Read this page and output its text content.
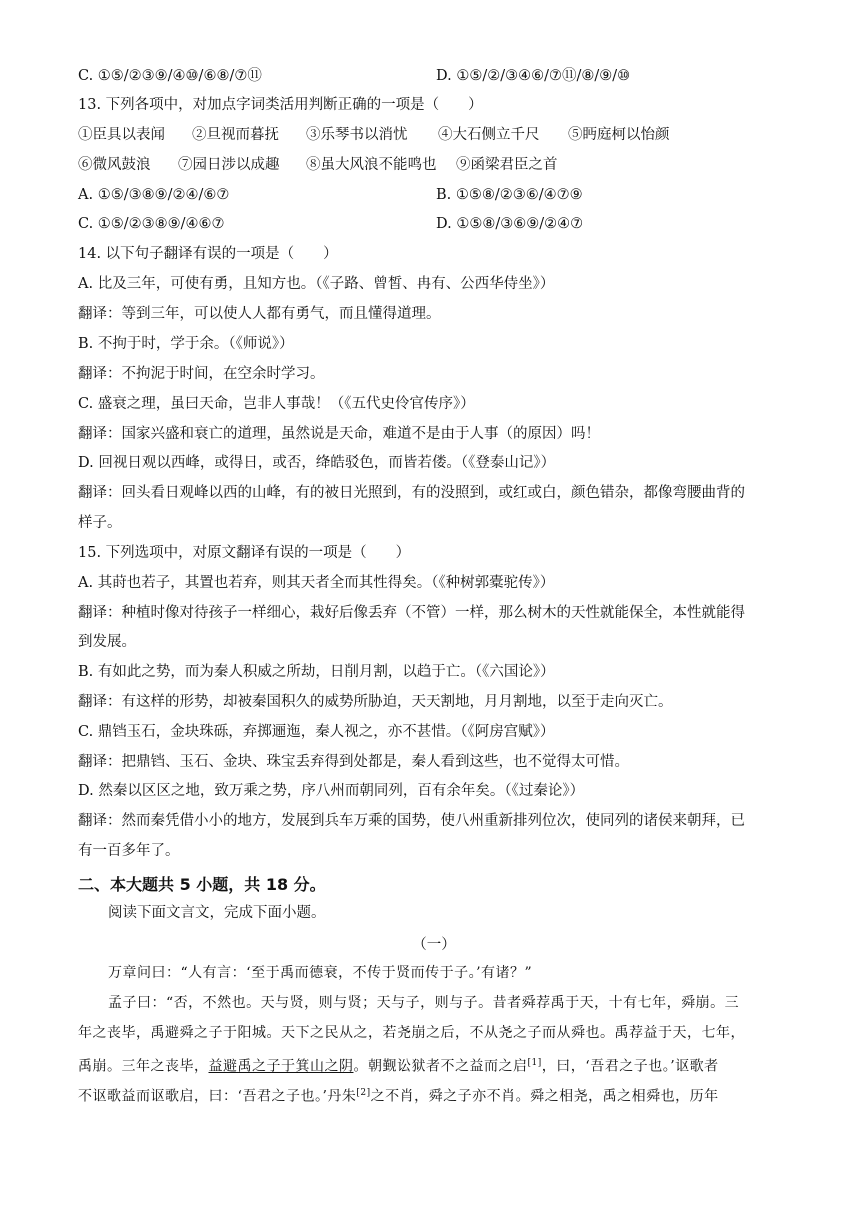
C. ①⑤/②③⑨/④⑩/⑥⑧/⑦⑪	D. ①⑤/②/③④⑥/⑦⑪/⑧/⑨/⑩
13. 下列各项中，对加点字词类活用判断正确的一项是（　　）
①臣具以表闻 ②旦视而暮抚 ③乐琴书以消忧 ④大石侧立千尺 ⑤眄庭柯以怡颜
⑥微风鼓浪 ⑦园日涉以成趣 ⑧虽大风浪不能鸣也 ⑨函梁君臣之首
A. ①⑤/③⑧⑨/②④/⑥⑦	B. ①⑤⑧/②③⑥/④⑦⑨
C. ①⑤/②③⑧⑨/④⑥⑦	D. ①⑤⑧/③⑥⑨/②④⑦
14. 以下句子翻译有误的一项是（　　）
A. 比及三年，可使有勇，且知方也。（《子路、曾皙、冉有、公西华侍坐》）
翻译：等到三年，可以使人人都有勇气，而且懂得道理。
B. 不拘于时，学于余。（《师说》）
翻译：不拘泥于时间，在空余时学习。
C. 盛衰之理，虽曰天命，岂非人事哉！（《五代史伶官传序》）
翻译：国家兴盛和衰亡的道理，虽然说是天命，难道不是由于人事（的原因）吗！
D. 回视日观以西峰，或得日，或否，绛皓驳色，而皆若偻。（《登泰山记》）
翻译：回头看日观峰以西的山峰，有的被日光照到，有的没照到，或红或白，颜色错杂，都像弯腰曲背的
样子。
15. 下列选项中，对原文翻译有误的一项是（　　）
A. 其莳也若子，其置也若弃，则其天者全而其性得矣。（《种树郭橐驼传》）
翻译：种植时像对待孩子一样细心，栽好后像丢弃（不管）一样，那么树木的天性就能保全，本性就能得
到发展。
B. 有如此之势，而为秦人积威之所劫，日削月割，以趋于亡。（《六国论》）
翻译：有这样的形势，却被秦国积久的威势所胁迫，天天割地，月月割地，以至于走向灭亡。
C. 鼎铛玉石，金块珠砾，弃掷逦迤，秦人视之，亦不甚惜。（《阿房宫赋》）
翻译：把鼎铛、玉石、金块、珠宝丢弃得到处都是，秦人看到这些，也不觉得太可惜。
D. 然秦以区区之地，致万乘之势，序八州而朝同列，百有余年矣。（《过秦论》）
翻译：然而秦凭借小小的地方，发展到兵车万乘的国势，使八州重新排列位次，使同列的诸侯来朝拜，已
有一百多年了。
二、本大题共 5 小题，共 18 分。
阅读下面文言文，完成下面小题。
（一）
万章问曰：“人有言：‘至于禹而德衰，不传于贤而传于子。’有诸？”
孟子曰：“否，不然也。天与贤，则与贤；天与子，则与子。昔者舜荐禹于天，十有七年，舜崩。三
年之丧毕，禹避舜之子于阳城。天下之民从之，若尧崩之后，不从尧之子而从舜也。禹荐益于天，七年，
禹崩。三年之丧毕，益避禹之子于箕山之阴。朝觐讼狱者不之益而之启[1]，曰，‘吾君之子也。’讴歌者
不讴歌益而讴歌启，曰：‘吾君之子也。’丹朱[2]之不肖，舜之子亦不肖。舜之相尧，禹之相舜也，历年
